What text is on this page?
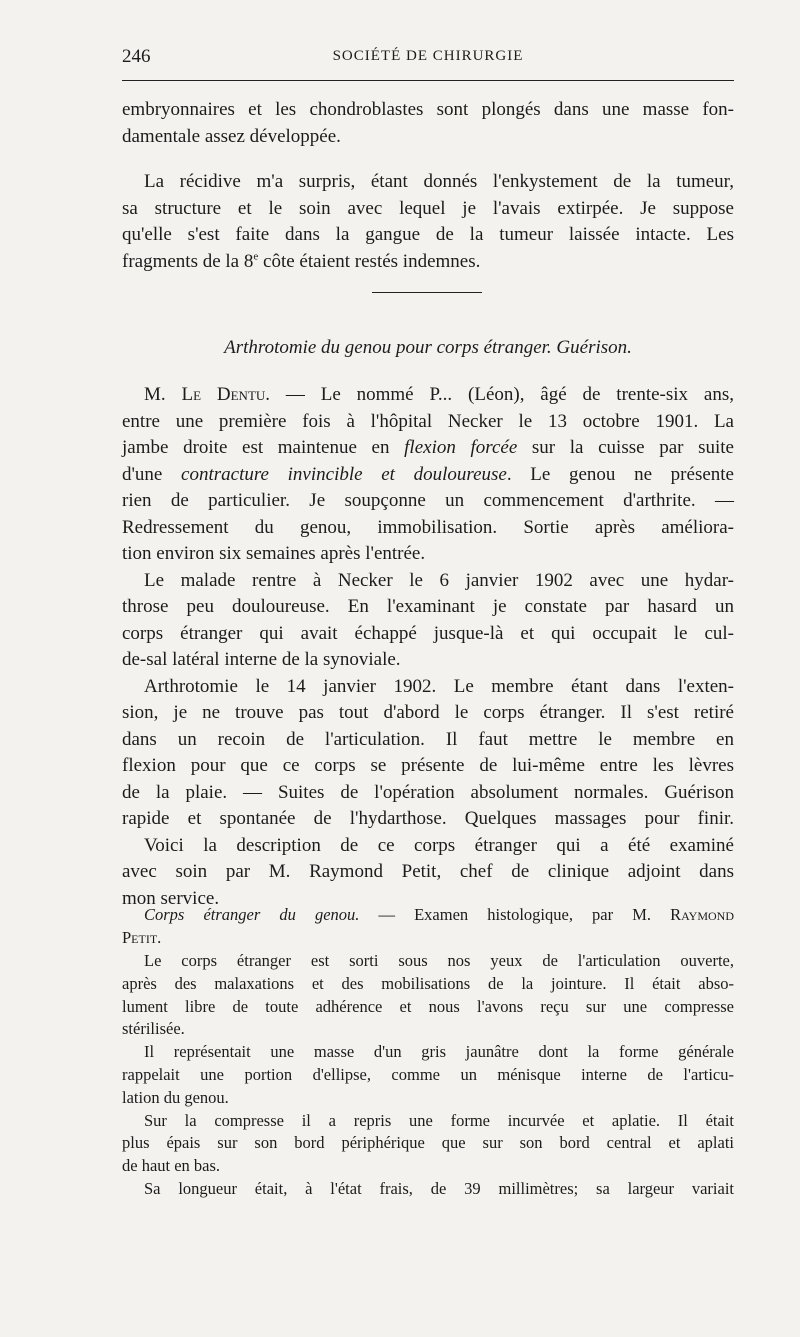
246	SOCIÉTÉ DE CHIRURGIE
embryonnaires et les chondroblastes sont plongés dans une masse fon-
damentale assez développée.
La récidive m'a surpris, étant donnés l'enkystement de la tumeur,
sa structure et le soin avec lequel je l'avais extirpée. Je suppose
qu'elle s'est faite dans la gangue de la tumeur laissée intacte. Les
fragments de la 8e côte étaient restés indemnes.
Arthrotomie du genou pour corps étranger. Guérison.
M. Le Dentu. — Le nommé P... (Léon), âgé de trente-six ans,
entre une première fois à l'hôpital Necker le 13 octobre 1901. La
jambe droite est maintenue en flexion forcée sur la cuisse par suite
d'une contracture invincible et douloureuse. Le genou ne présente
rien de particulier. Je soupçonne un commencement d'arthrite. —
Redressement du genou, immobilisation. Sortie après améliora-
tion environ six semaines après l'entrée.
Le malade rentre à Necker le 6 janvier 1902 avec une hydar-
throse peu douloureuse. En l'examinant je constate par hasard un
corps étranger qui avait échappé jusque-là et qui occupait le cul-
de-sal latéral interne de la synoviale.
Arthrotomie le 14 janvier 1902. Le membre étant dans l'exten-
sion, je ne trouve pas tout d'abord le corps étranger. Il s'est retiré
dans un recoin de l'articulation. Il faut mettre le membre en
flexion pour que ce corps se présente de lui-même entre les lèvres
de la plaie. — Suites de l'opération absolument normales. Guérison
rapide et spontanée de l'hydarthose. Quelques massages pour finir.
Voici la description de ce corps étranger qui a été examiné
avec soin par M. Raymond Petit, chef de clinique adjoint dans
mon service.
Corps étranger du genou. — Examen histologique, par M. Raymond
Petit.
Le corps étranger est sorti sous nos yeux de l'articulation ouverte,
après des malaxations et des mobilisations de la jointure. Il était abso-
lument libre de toute adhérence et nous l'avons reçu sur une compresse
stérilisée.
Il représentait une masse d'un gris jaunâtre dont la forme générale
rappelait une portion d'ellipse, comme un ménisque interne de l'articu-
lation du genou.
Sur la compresse il a repris une forme incurvée et aplatie. Il était
plus épais sur son bord périphérique que sur son bord central et aplati
de haut en bas.
Sa longueur était, à l'état frais, de 39 millimètres; sa largeur variait
